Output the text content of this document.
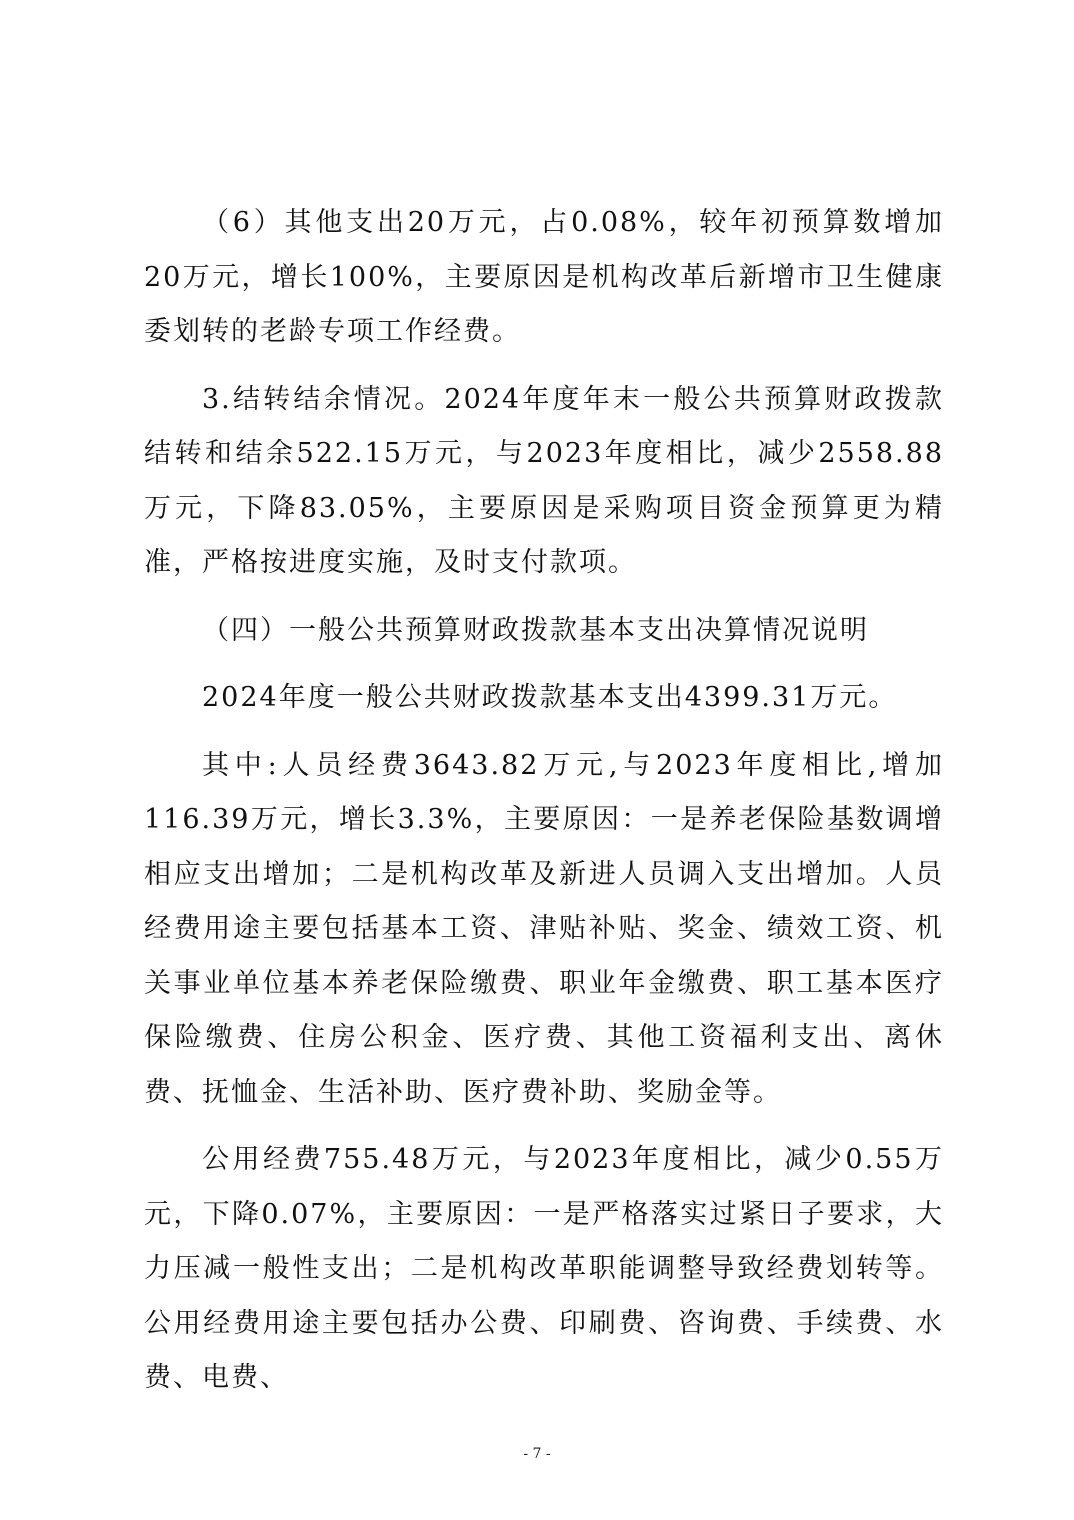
（6）其他支出20万元，占0.08%，较年初预算数增加20万元，增长100%，主要原因是机构改革后新增市卫生健康委划转的老龄专项工作经费。

3.结转结余情况。2024年度年末一般公共预算财政拨款结转和结余522.15万元，与2023年度相比，减少2558.88万元，下降83.05%，主要原因是采购项目资金预算更为精准，严格按进度实施，及时支付款项。

（四）一般公共预算财政拨款基本支出决算情况说明

2024年度一般公共财政拨款基本支出4399.31万元。

其中:人员经费3643.82万元,与2023年度相比,增加116.39万元，增长3.3%，主要原因：一是养老保险基数调增相应支出增加；二是机构改革及新进人员调入支出增加。人员经费用途主要包括基本工资、津贴补贴、奖金、绩效工资、机关事业单位基本养老保险缴费、职业年金缴费、职工基本医疗保险缴费、住房公积金、医疗费、其他工资福利支出、离休费、抚恤金、生活补助、医疗费补助、奖励金等。

公用经费755.48万元，与2023年度相比，减少0.55万元，下降0.07%，主要原因：一是严格落实过紧日子要求，大力压减一般性支出；二是机构改革职能调整导致经费划转等。公用经费用途主要包括办公费、印刷费、咨询费、手续费、水费、电费、

- 7 -
